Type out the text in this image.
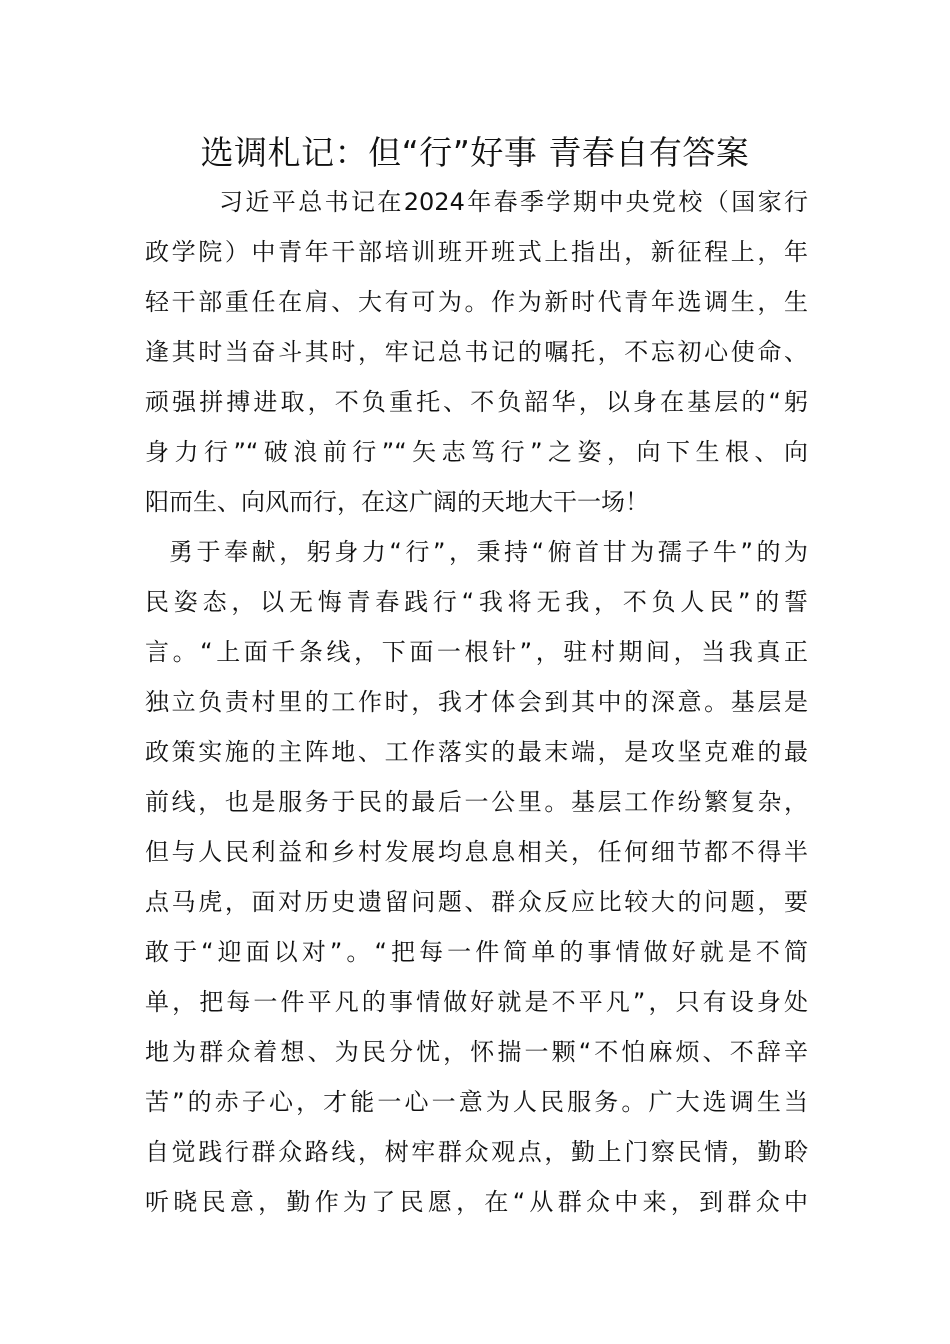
选调札记：但“行”好事 青春自有答案
习近平总书记在2024年春季学期中央党校（国家行
政学院）中青年干部培训班开班式上指出，新征程上，年
轻干部重任在肩、大有可为。作为新时代青年选调生，生
逢其时当奋斗其时，牢记总书记的嘱托，不忘初心使命、
顽强拼搏进取，不负重托、不负韶华，以身在基层的“躬
身力行”“破浪前行”“矢志笃行”之姿，向下生根、向
阳而生、向风而行，在这广阔的天地大干一场！
勇于奉献，躬身力“行”，秉持“俯首甘为孺子牛”的为
民姿态，以无悔青春践行“我将无我，不负人民”的誓
言。“上面千条线，下面一根针”，驻村期间，当我真正
独立负责村里的工作时，我才体会到其中的深意。基层是
政策实施的主阵地、工作落实的最末端，是攻坚克难的最
前线，也是服务于民的最后一公里。基层工作纷繁复杂，
但与人民利益和乡村发展均息息相关，任何细节都不得半
点马虎，面对历史遗留问题、群众反应比较大的问题，要
敢于“迎面以对”。“把每一件简单的事情做好就是不简
单，把每一件平凡的事情做好就是不平凡”，只有设身处
地为群众着想、为民分忧，怀揣一颗“不怕麻烦、不辞辛
苦”的赤子心，才能一心一意为人民服务。广大选调生当
自觉践行群众路线，树牢群众观点，勤上门察民情，勤聆
听晓民意，勤作为了民愿，在“从群众中来，到群众中
